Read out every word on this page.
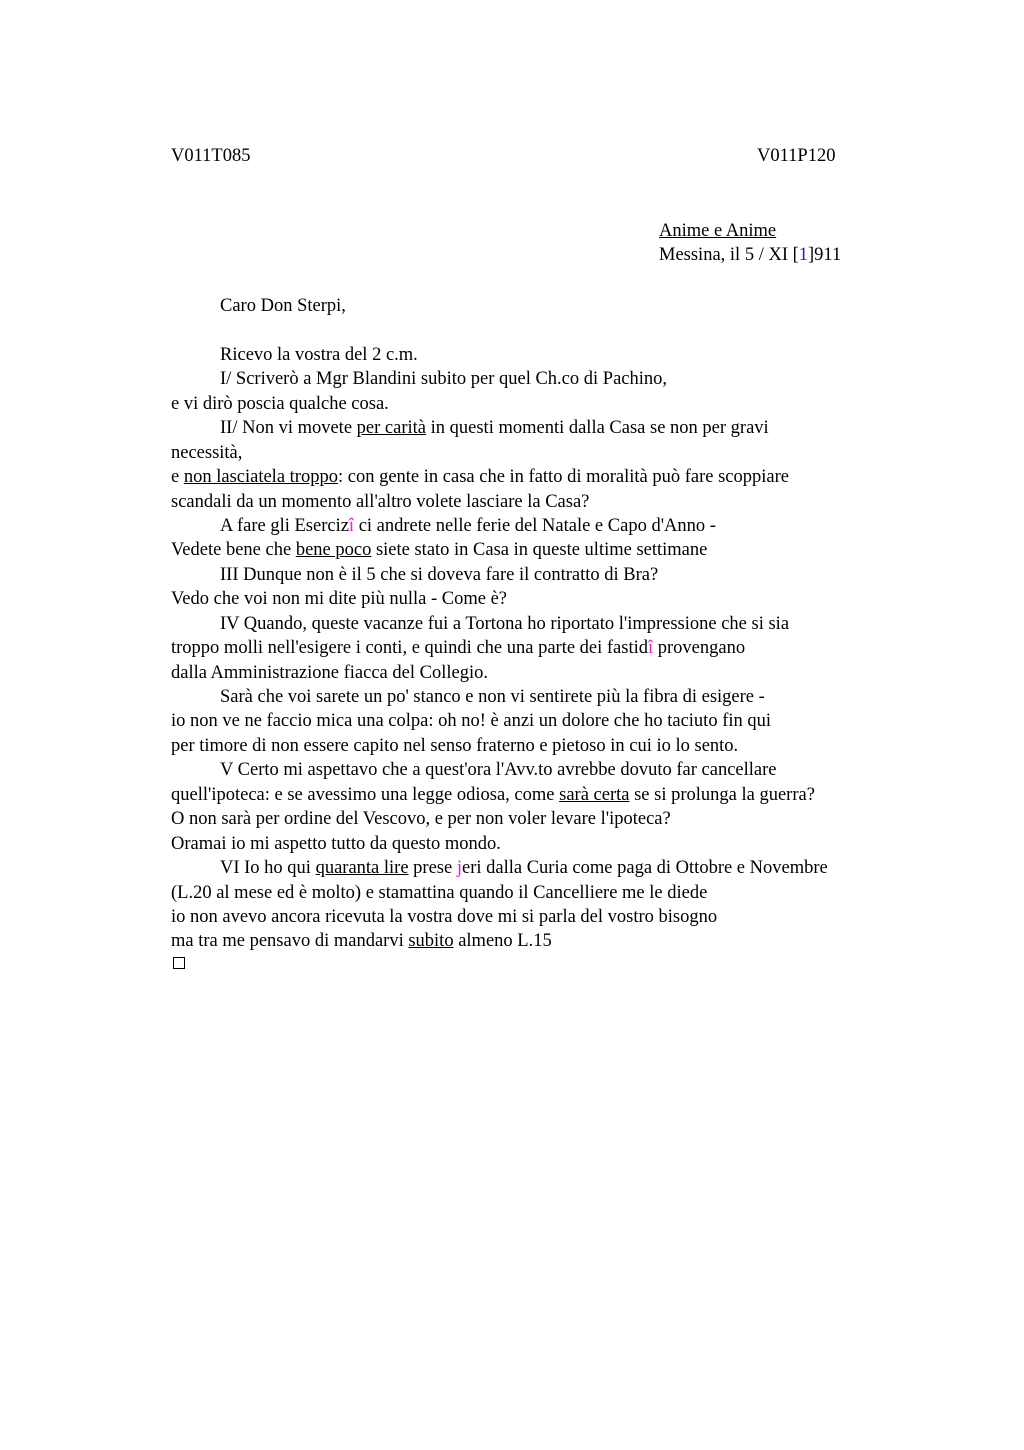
V011T085	V011P120
Anime e Anime
Messina, il 5 / XI [1]911
Caro Don Sterpi,
Ricevo la vostra del 2 c.m.
I/ Scriverò a Mgr Blandini subito per quel Ch.co di Pachino,
e vi dirò poscia qualche cosa.
II/ Non vi movete per carità in questi momenti dalla Casa se non per gravi
necessità,
e non lasciatela troppo: con gente in casa che in fatto di moralità può fare scoppiare
scandali da un momento all'altro volete lasciare la Casa?
A fare gli Esercizî ci andrete nelle ferie del Natale e Capo d'Anno -
Vedete bene che bene poco siete stato in Casa in queste ultime settimane
III Dunque non è il 5 che si doveva fare il contratto di Bra?
Vedo che voi non mi dite più nulla - Come è?
IV Quando, queste vacanze fui a Tortona ho riportato l'impressione che si sia
troppo molli nell'esigere i conti, e quindi che una parte dei fastidî provengano
dalla Amministrazione fiacca del Collegio.
Sarà che voi sarete un po' stanco e non vi sentirete più la fibra di esigere -
io non ve ne faccio mica una colpa: oh no! è anzi un dolore che ho taciuto fin qui
per timore di non essere capito nel senso fraterno e pietoso in cui io lo sento.
V Certo mi aspettavo che a quest'ora l'Avv.to avrebbe dovuto far cancellare
quell'ipoteca: e se avessimo una legge odiosa, come sarà certa se si prolunga la guerra?
O non sarà per ordine del Vescovo, e per non voler levare l'ipoteca?
Oramai io mi aspetto tutto da questo mondo.
VI Io ho qui quaranta lire prese jeri dalla Curia come paga di Ottobre e Novembre
(L.20 al mese ed è molto) e stamattina quando il Cancelliere me le diede
io non avevo ancora ricevuta la vostra dove mi si parla del vostro bisogno
ma tra me pensavo di mandarvi subito almeno L.15
